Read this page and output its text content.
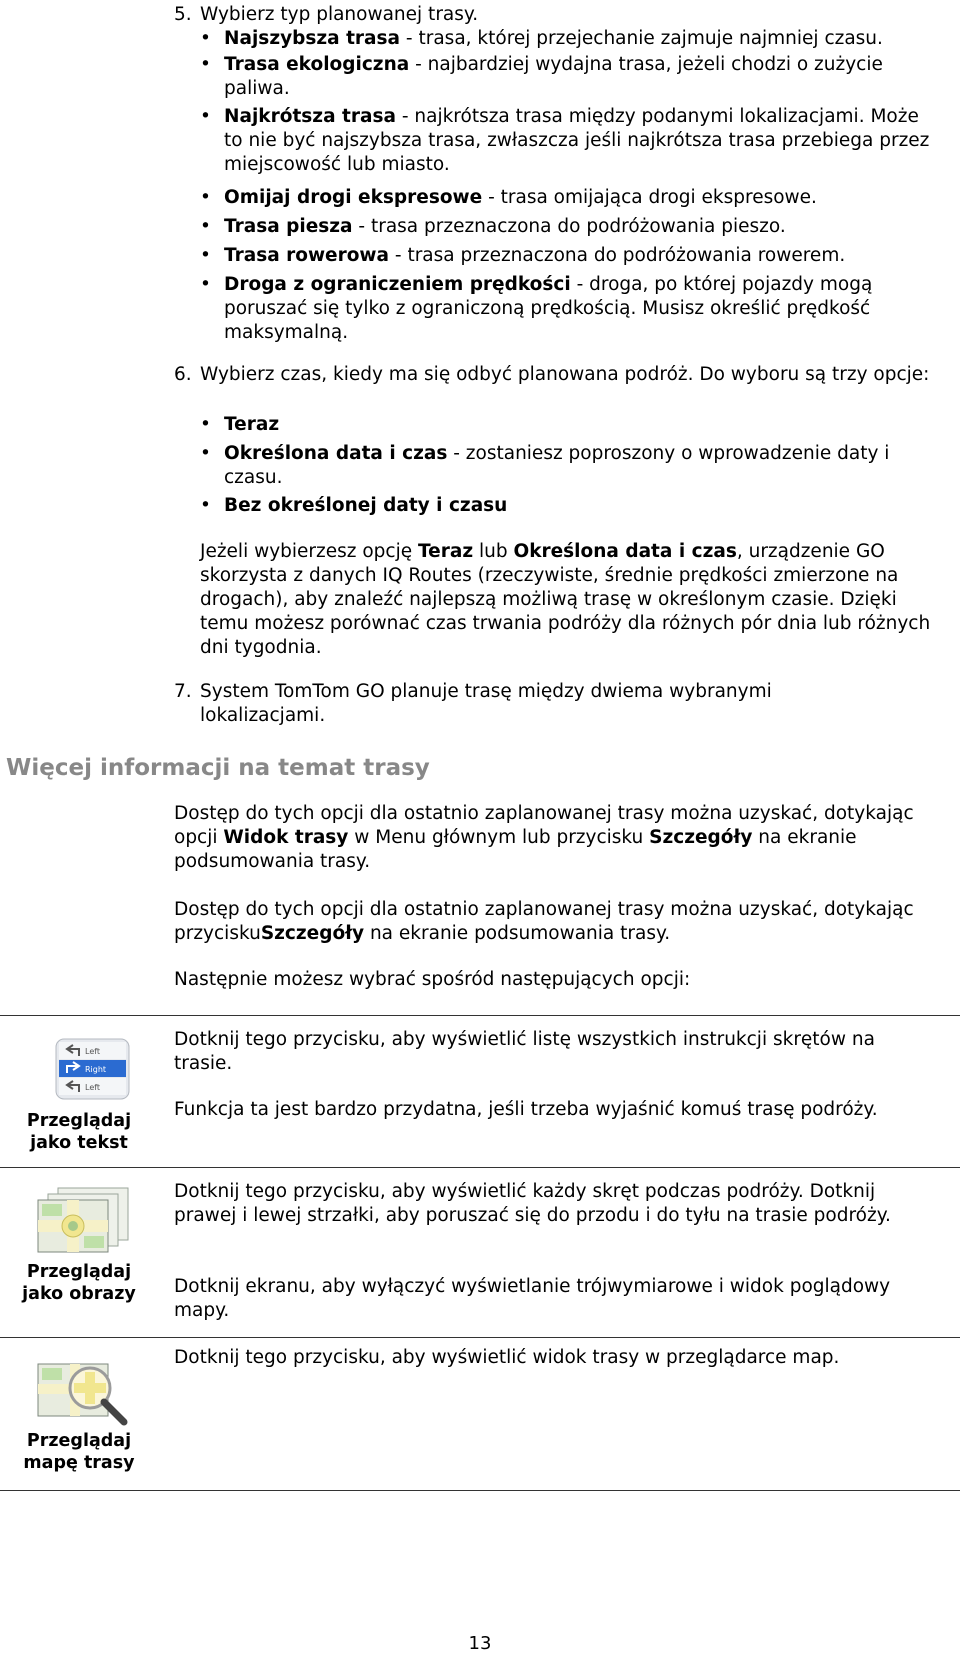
5. Wybierz typ planowanej trasy.
• Najszybsza trasa - trasa, której przejechanie zajmuje najmniej czasu.
• Trasa ekologiczna - najbardziej wydajna trasa, jeżeli chodzi o zużycie paliwa.
• Najkrótsza trasa - najkrótsza trasa między podanymi lokalizacjami. Może to nie być najszybsza trasa, zwłaszcza jeśli najkrótsza trasa przebiega przez miejscowość lub miasto.
• Omijaj drogi ekspresowe - trasa omijająca drogi ekspresowe.
• Trasa piesza - trasa przeznaczona do podróżowania pieszo.
• Trasa rowerowa - trasa przeznaczona do podróżowania rowerem.
• Droga z ograniczeniem prędkości - droga, po której pojazdy mogą poruszać się tylko z ograniczoną prędkością. Musisz określić prędkość maksymalną.
6. Wybierz czas, kiedy ma się odbyć planowana podróż. Do wyboru są trzy opcje:
• Teraz
• Określona data i czas - zostaniesz poproszony o wprowadzenie daty i czasu.
• Bez określonej daty i czasu
Jeżeli wybierzesz opcję Teraz lub Określona data i czas, urządzenie GO skorzysta z danych IQ Routes (rzeczywiste, średnie prędkości zmierzone na drogach), aby znaleźć najlepszą możliwą trasę w określonym czasie. Dzięki temu możesz porównać czas trwania podróży dla różnych pór dnia lub różnych dni tygodnia.
7. System TomTom GO planuje trasę między dwiema wybranymi lokalizacjami.
Więcej informacji na temat trasy
Dostęp do tych opcji dla ostatnio zaplanowanej trasy można uzyskać, dotykając opcji Widok trasy w Menu głównym lub przycisku Szczegóły na ekranie podsumowania trasy.
Dostęp do tych opcji dla ostatnio zaplanowanej trasy można uzyskać, dotykając przyciskuSzczegóły na ekranie podsumowania trasy.
Następnie możesz wybrać spośród następujących opcji:
Left
Right
Left
Przeglądaj
jako tekst
Dotknij tego przycisku, aby wyświetlić listę wszystkich instrukcji skrętów na trasie.
Funkcja ta jest bardzo przydatna, jeśli trzeba wyjaśnić komuś trasę podróży.
Przeglądaj
jako obrazy
Dotknij tego przycisku, aby wyświetlić każdy skręt podczas podróży. Dotknij prawej i lewej strzałki, aby poruszać się do przodu i do tyłu na trasie podróży.
Dotknij ekranu, aby wyłączyć wyświetlanie trójwymiarowe i widok poglądowy mapy.
Przeglądaj
mapę trasy
Dotknij tego przycisku, aby wyświetlić widok trasy w przeglądarce map.
13
